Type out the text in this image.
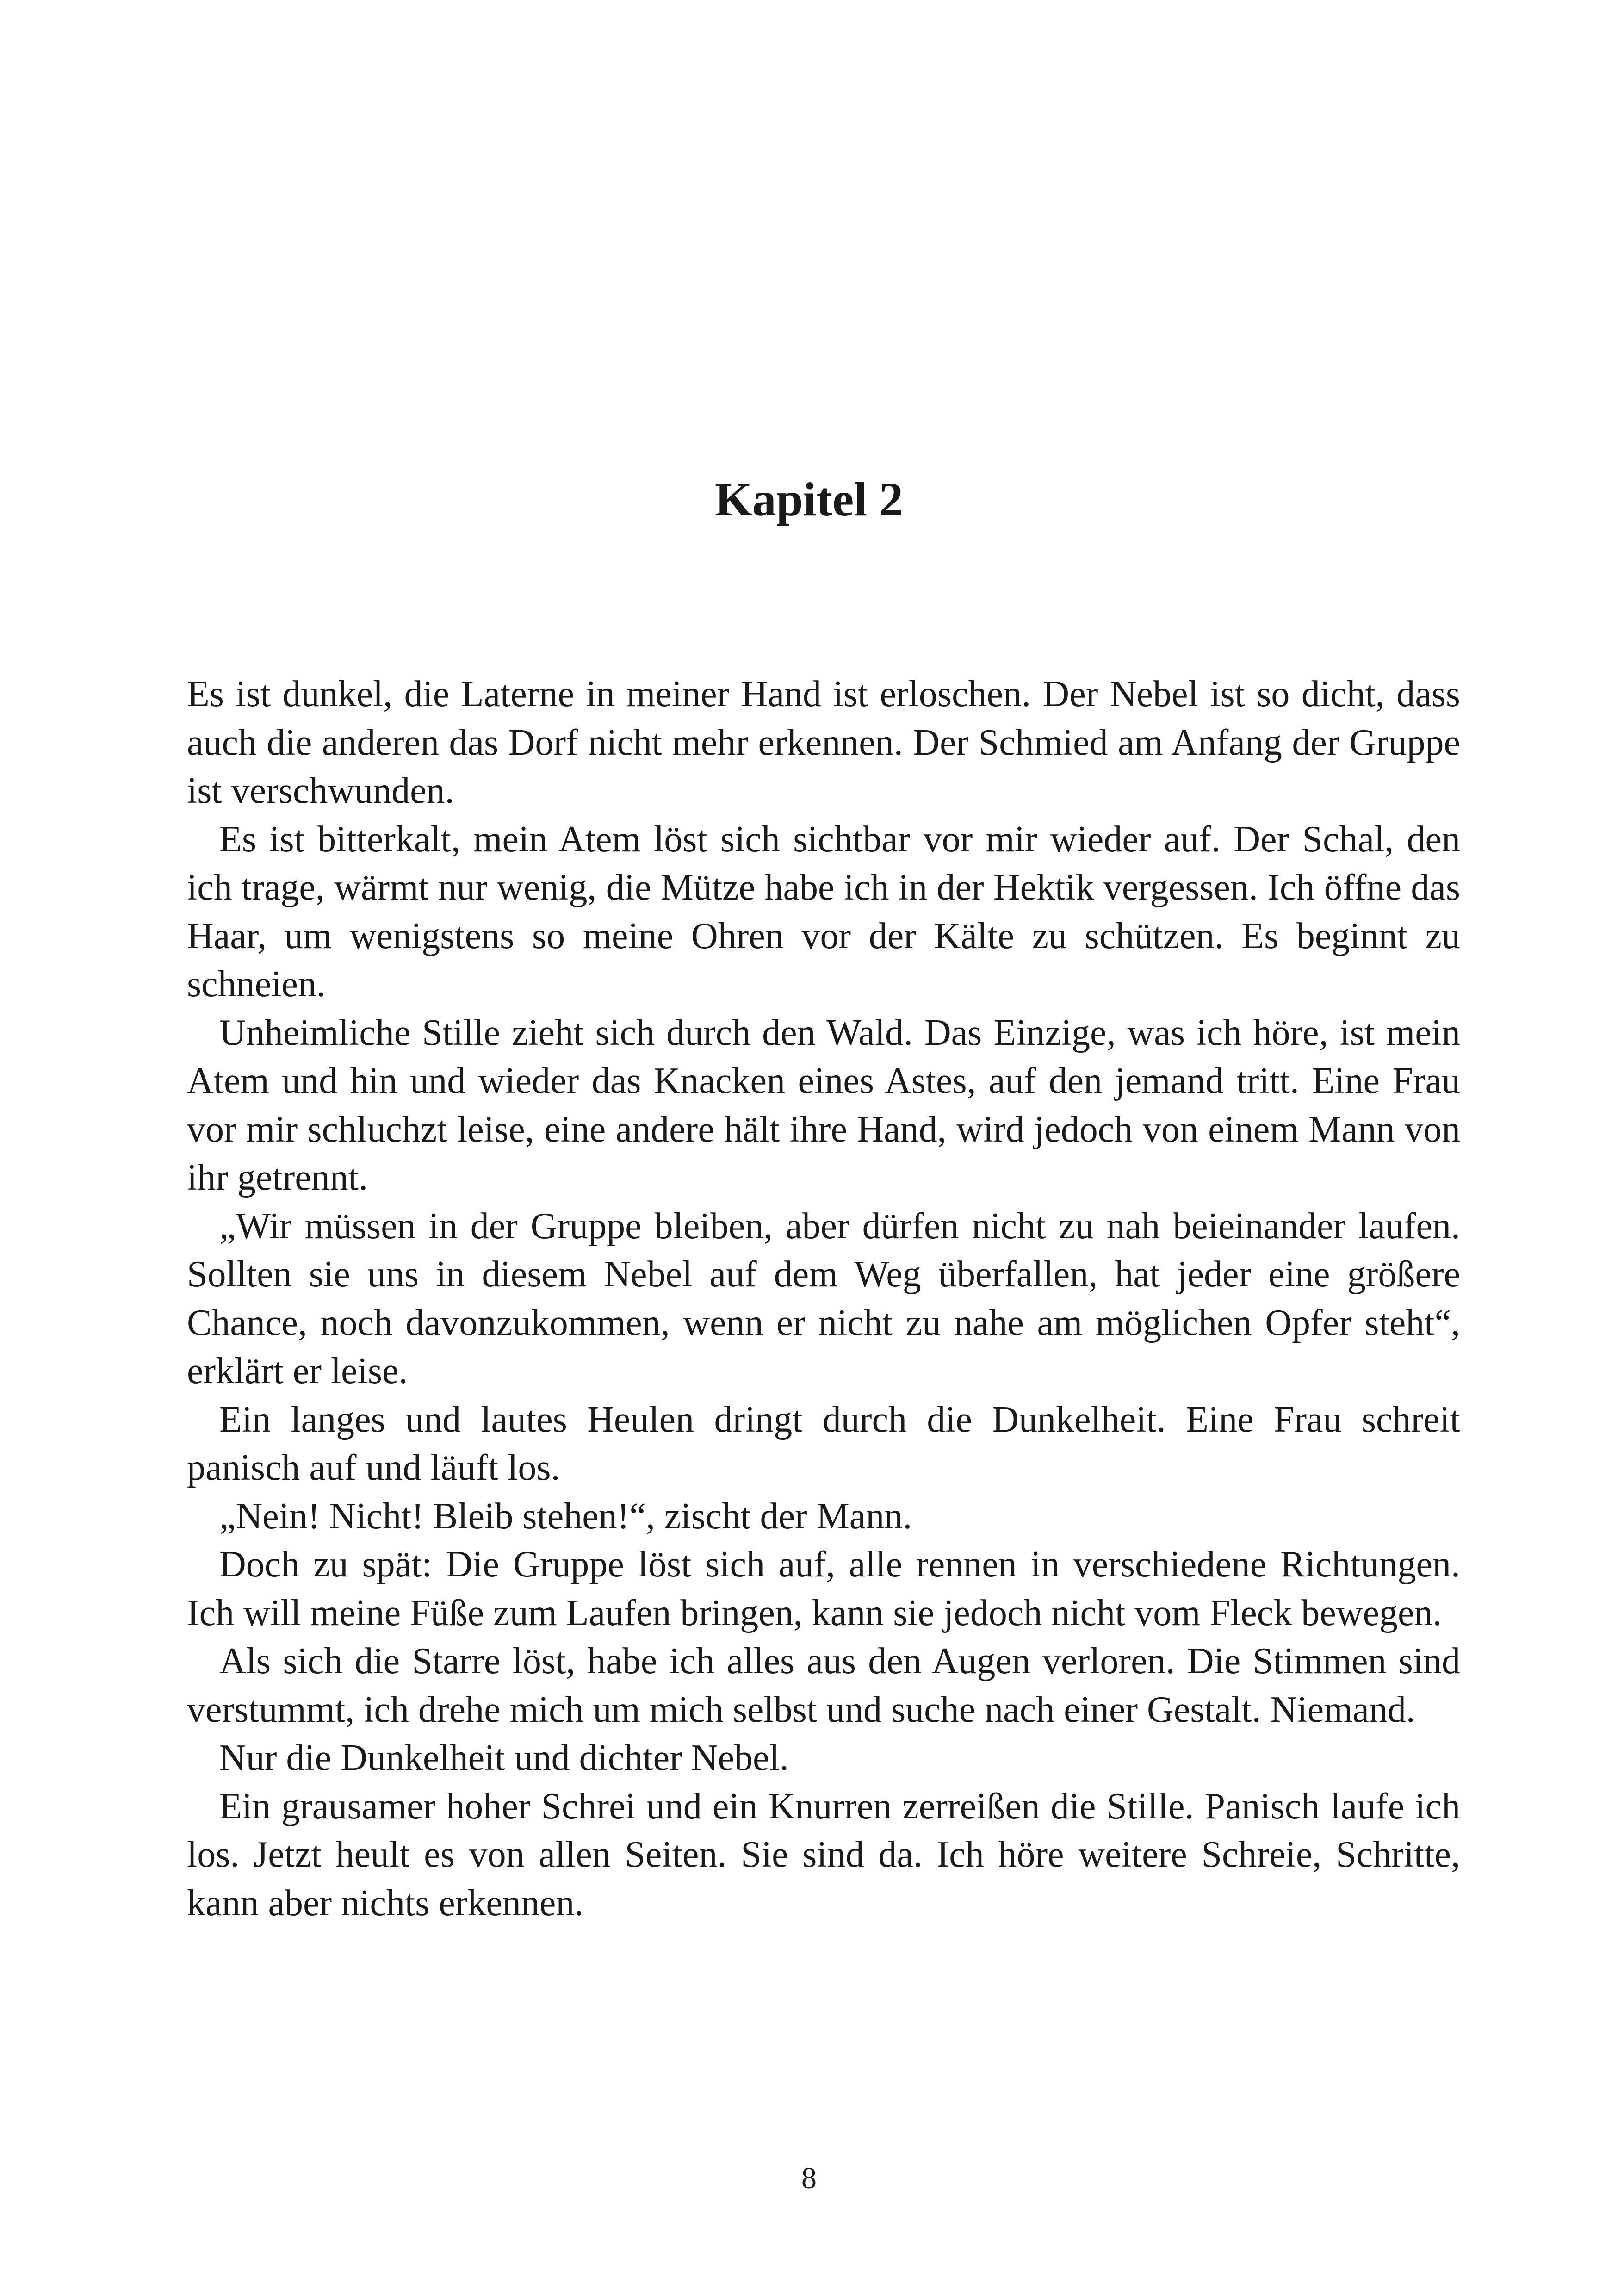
Kapitel 2

Es ist dunkel, die Laterne in meiner Hand ist erloschen. Der Nebel ist so dicht, dass auch die anderen das Dorf nicht mehr erkennen. Der Schmied am Anfang der Gruppe ist verschwunden.

Es ist bitterkalt, mein Atem löst sich sichtbar vor mir wieder auf. Der Schal, den ich trage, wärmt nur wenig, die Mütze habe ich in der Hektik vergessen. Ich öffne das Haar, um wenigstens so meine Ohren vor der Kälte zu schützen. Es beginnt zu schneien.

Unheimliche Stille zieht sich durch den Wald. Das Einzige, was ich höre, ist mein Atem und hin und wieder das Knacken eines Astes, auf den jemand tritt. Eine Frau vor mir schluchzt leise, eine andere hält ihre Hand, wird jedoch von einem Mann von ihr getrennt.

„Wir müssen in der Gruppe bleiben, aber dürfen nicht zu nah beieinander laufen. Sollten sie uns in diesem Nebel auf dem Weg überfallen, hat jeder eine größere Chance, noch davonzukommen, wenn er nicht zu nahe am möglichen Opfer steht“, erklärt er leise.

Ein langes und lautes Heulen dringt durch die Dunkelheit. Eine Frau schreit panisch auf und läuft los.

„Nein! Nicht! Bleib stehen!“, zischt der Mann.

Doch zu spät: Die Gruppe löst sich auf, alle rennen in verschiedene Richtungen. Ich will meine Füße zum Laufen bringen, kann sie jedoch nicht vom Fleck bewegen.

Als sich die Starre löst, habe ich alles aus den Augen verloren. Die Stimmen sind verstummt, ich drehe mich um mich selbst und suche nach einer Gestalt. Niemand.

Nur die Dunkelheit und dichter Nebel.

Ein grausamer hoher Schrei und ein Knurren zerreißen die Stille. Panisch laufe ich los. Jetzt heult es von allen Seiten. Sie sind da. Ich höre weitere Schreie, Schritte, kann aber nichts erkennen.

8
